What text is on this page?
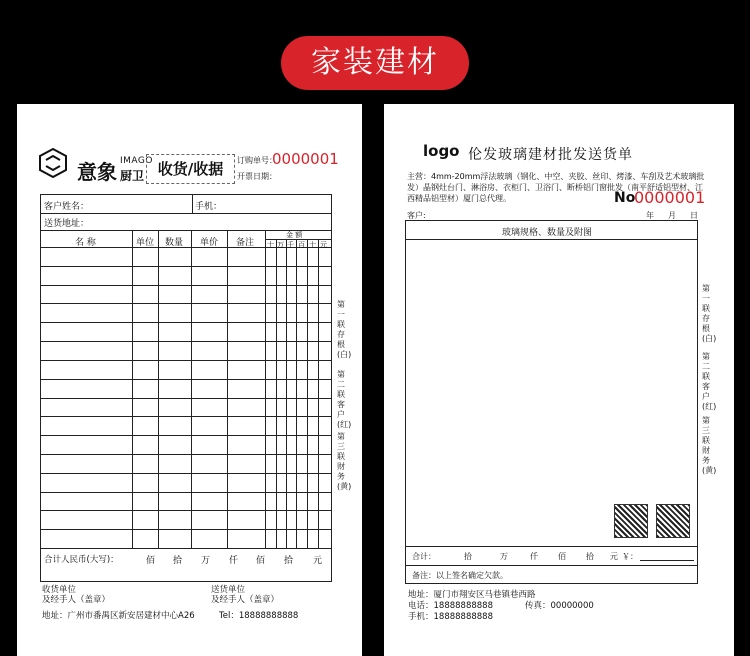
家装建材
意象 IMAGO
厨卫 收货/收据	订购单号：
0000001
开票日期：
客户姓名：	手机：
送货地址：
名 称	单位 数量 单价 备注
金 额
十 万 千 百 十 元
合计人民币(大写)：	佰 拾 万 仟 佰 拾 元
第一联存根(白)
第二联客户(红)
第三联财务(黄)
收货单位
及经手人（盖章）
送货单位
及经手人（盖章）
地址：广州市番禺区新安居建材中心A26	Tel：18888888888
logo 伦发玻璃建材批发送货单
主营：4mm-20mm浮法玻璃（钢化、中空、夹胶、丝印、烤漆、车刮及艺术玻璃批发）晶钢灶台门、淋浴房、衣柜门、卫浴门、断桥铝门窗批发（南平舒适铝型材、江西精品铝型材）厦门总代理。	No
0000001
客户:	年 月 日
玻璃规格、数量及附图
合计：	拾	万	仟	佰	拾 元 ￥：
备注：以上签名确定欠款。
第一联存根(白)
第二联客户(红)
第三联财务(黄)
地址：厦门市翔安区马巷镇巷西路
电话：18888888888	传真：00000000
手机：18888888888
